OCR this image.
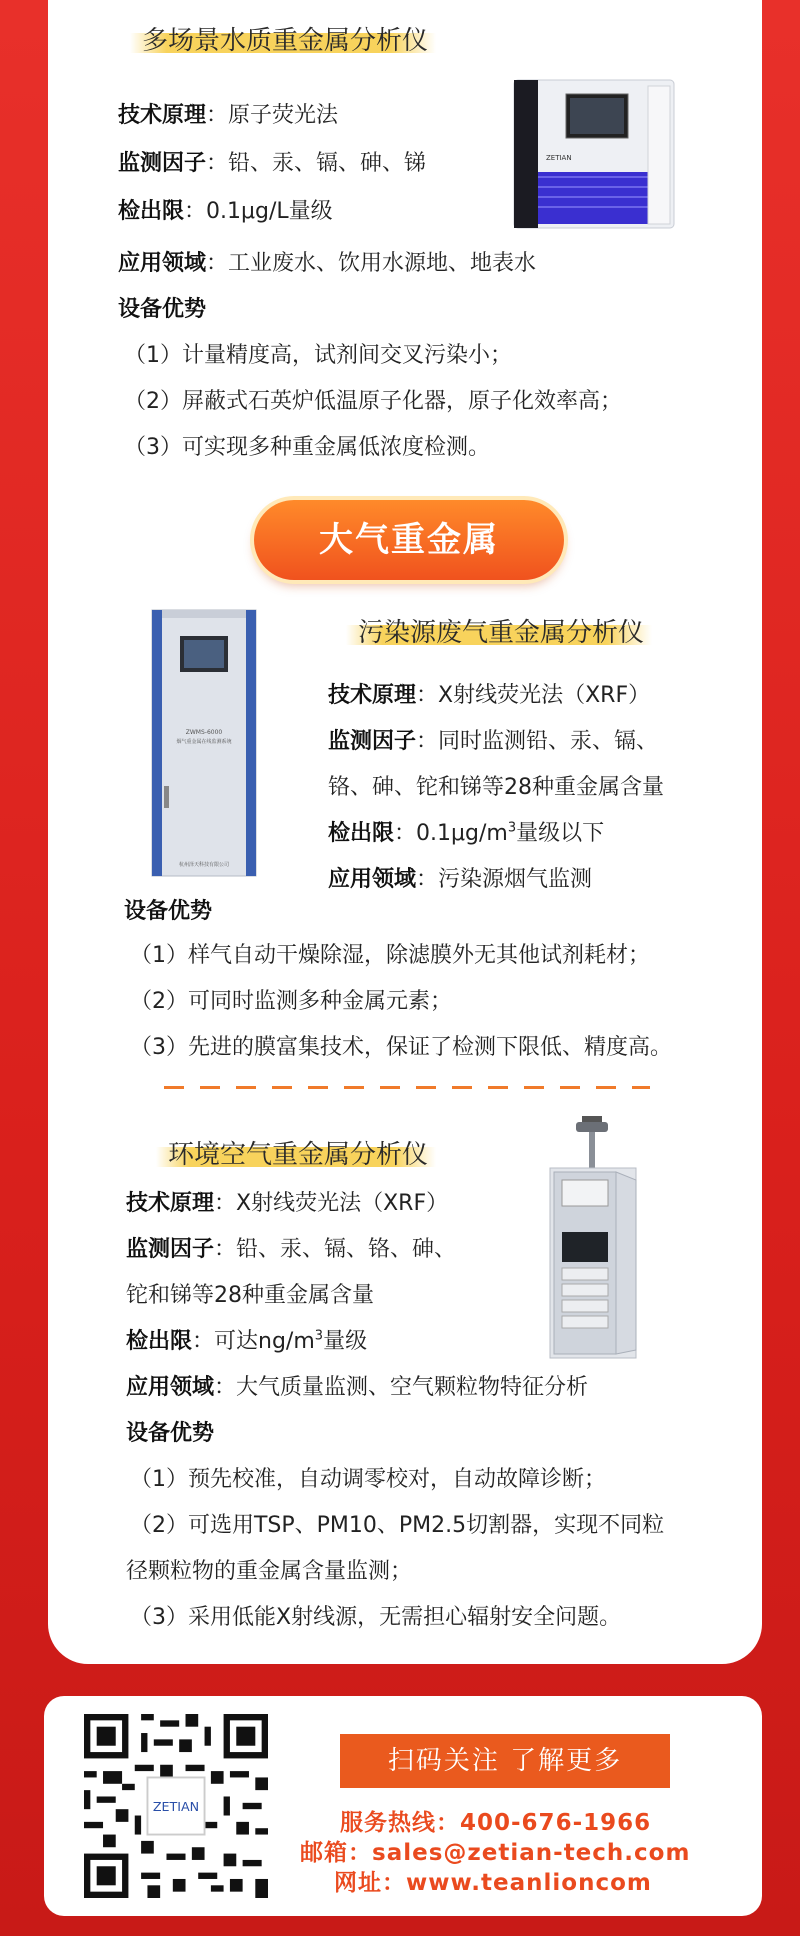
多场景水质重金属分析仪
技术原理：原子荧光法
监测因子：铅、汞、镉、砷、锑
检出限：0.1μg/L量级
应用领域：工业废水、饮用水源地、地表水
设备优势
（1）计量精度高，试剂间交叉污染小；
（2）屏蔽式石英炉低温原子化器，原子化效率高；
（3）可实现多种重金属低浓度检测。
ZETIAN
大气重金属
ZWMS-6000
烟气重金属在线监测系统
杭州泽天科技有限公司
污染源废气重金属分析仪
技术原理：X射线荧光法（XRF）
监测因子：同时监测铅、汞、镉、
铬、砷、铊和锑等28种重金属含量
检出限：$0.1\mu g/m^3$量级以下
应用领域：污染源烟气监测
设备优势
（1）样气自动干燥除湿，除滤膜外无其他试剂耗材；
（2）可同时监测多种金属元素；
（3）先进的膜富集技术，保证了检测下限低、精度高。
环境空气重金属分析仪
技术原理：X射线荧光法（XRF）
监测因子：铅、汞、镉、铬、砷、
铊和锑等28种重金属含量
检出限：可达$ng/m^3$量级
应用领域：大气质量监测、空气颗粒物特征分析
设备优势
（1）预先校准，自动调零校对，自动故障诊断；
（2）可选用TSP、PM10、PM2.5切割器，实现不同粒
径颗粒物的重金属含量监测；
（3）采用低能X射线源，无需担心辐射安全问题。
ZETIAN
扫码关注 了解更多
服务热线：400-676-1966
邮箱：sales@zetian-tech.com
网址：www.teanlioncom
